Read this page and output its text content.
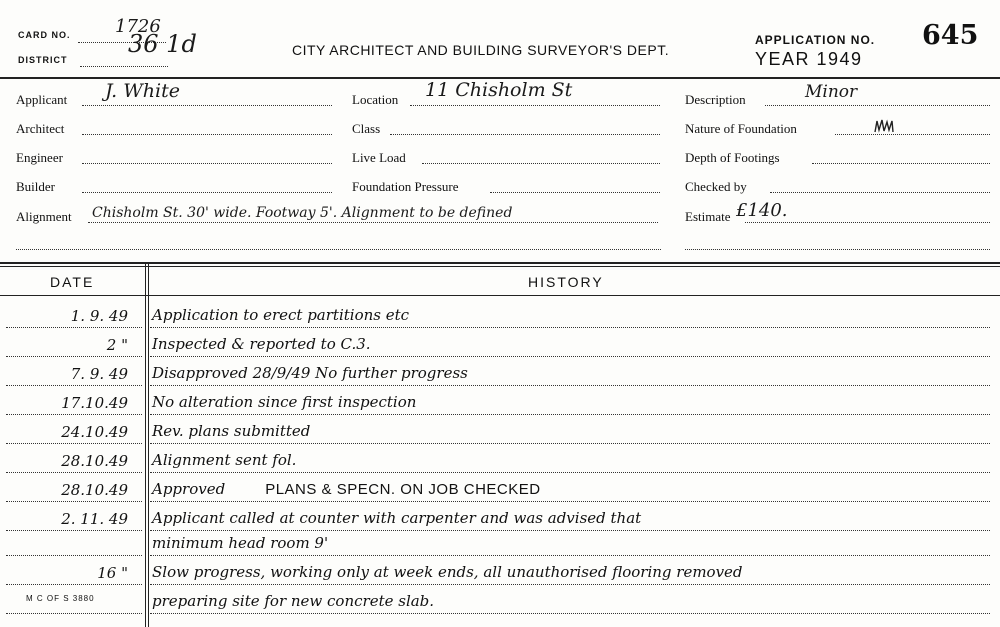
CARD NO. 1726
DISTRICT
36 1d	CITY ARCHITECT AND BUILDING SURVEYOR'S DEPT.
APPLICATION NO. 645
YEAR 1949
Applicant J. White
Architect
Engineer
Builder
Alignment Chisholm St. 30' wide. Footway 5'. Alignment to be defined
Location 11 Chisholm St
Class
Live Load
Foundation Pressure
Description	Minor
Nature of Foundation
Depth of Footings
Checked by
Estimate £140.
DATE	HISTORY
1. 9. 49 Application to erect partitions etc
2 " Inspected & reported to C.3.
7. 9. 49 Disapproved 28/9/49 No further progress
17.10.49 No alteration since first inspection
24.10.49 Rev. plans submitted
28.10.49 Alignment sent fol.
28.10.49 Approved	PLANS & SPECN. ON JOB CHECKED
2. 11. 49 Applicant called at counter with carpenter and was advised that
minimum head room 9'
16 " Slow progress, working only at week ends, all unauthorised flooring removed
preparing site for new concrete slab.
M C OF S 3880
